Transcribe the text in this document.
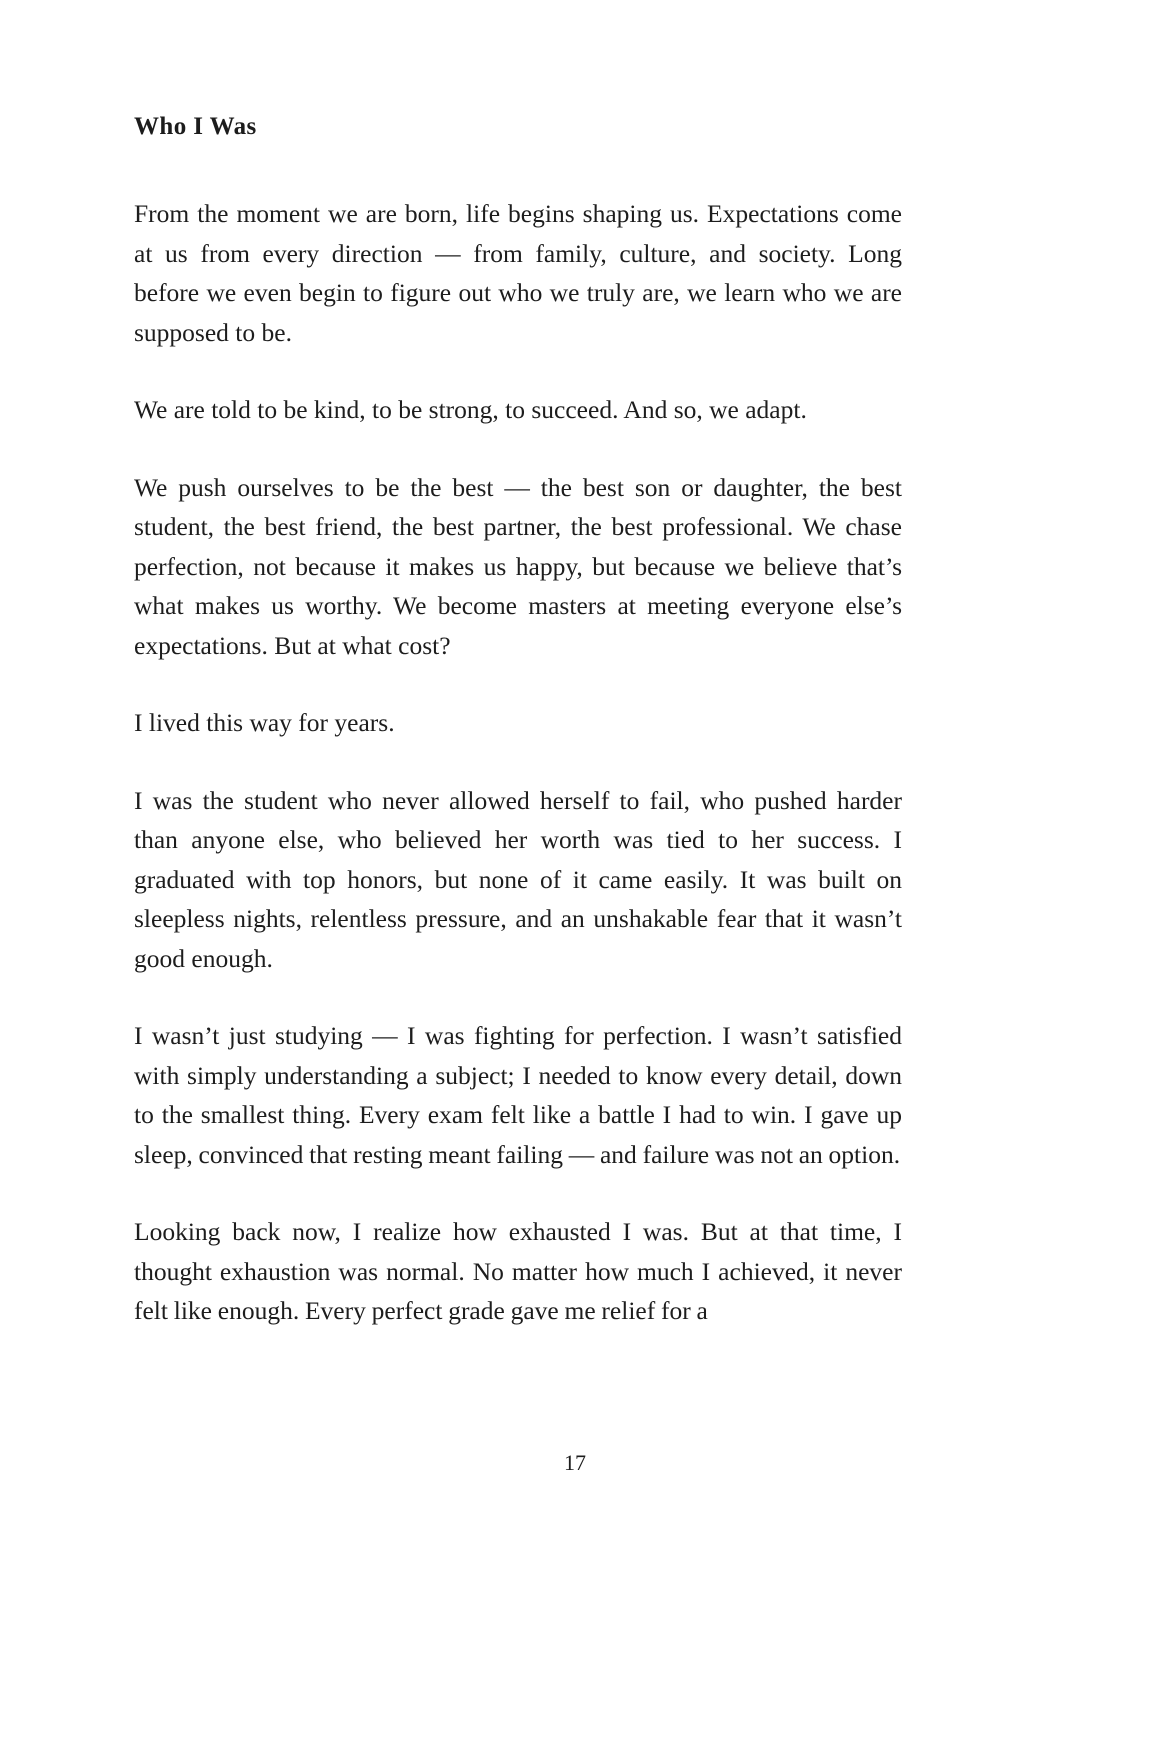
Who I Was

From the moment we are born, life begins shaping us. Expectations come at us from every direction — from family, culture, and society. Long before we even begin to figure out who we truly are, we learn who we are supposed to be.

We are told to be kind, to be strong, to succeed. And so, we adapt.

We push ourselves to be the best — the best son or daughter, the best student, the best friend, the best partner, the best professional. We chase perfection, not because it makes us happy, but because we believe that’s what makes us worthy. We become masters at meeting everyone else’s expectations. But at what cost?

I lived this way for years.

I was the student who never allowed herself to fail, who pushed harder than anyone else, who believed her worth was tied to her success. I graduated with top honors, but none of it came easily. It was built on sleepless nights, relentless pressure, and an unshakable fear that it wasn’t good enough.

I wasn’t just studying — I was fighting for perfection. I wasn’t satisfied with simply understanding a subject; I needed to know every detail, down to the smallest thing. Every exam felt like a battle I had to win. I gave up sleep, convinced that resting meant failing — and failure was not an option.

Looking back now, I realize how exhausted I was. But at that time, I thought exhaustion was normal. No matter how much I achieved, it never felt like enough. Every perfect grade gave me relief for a

17
